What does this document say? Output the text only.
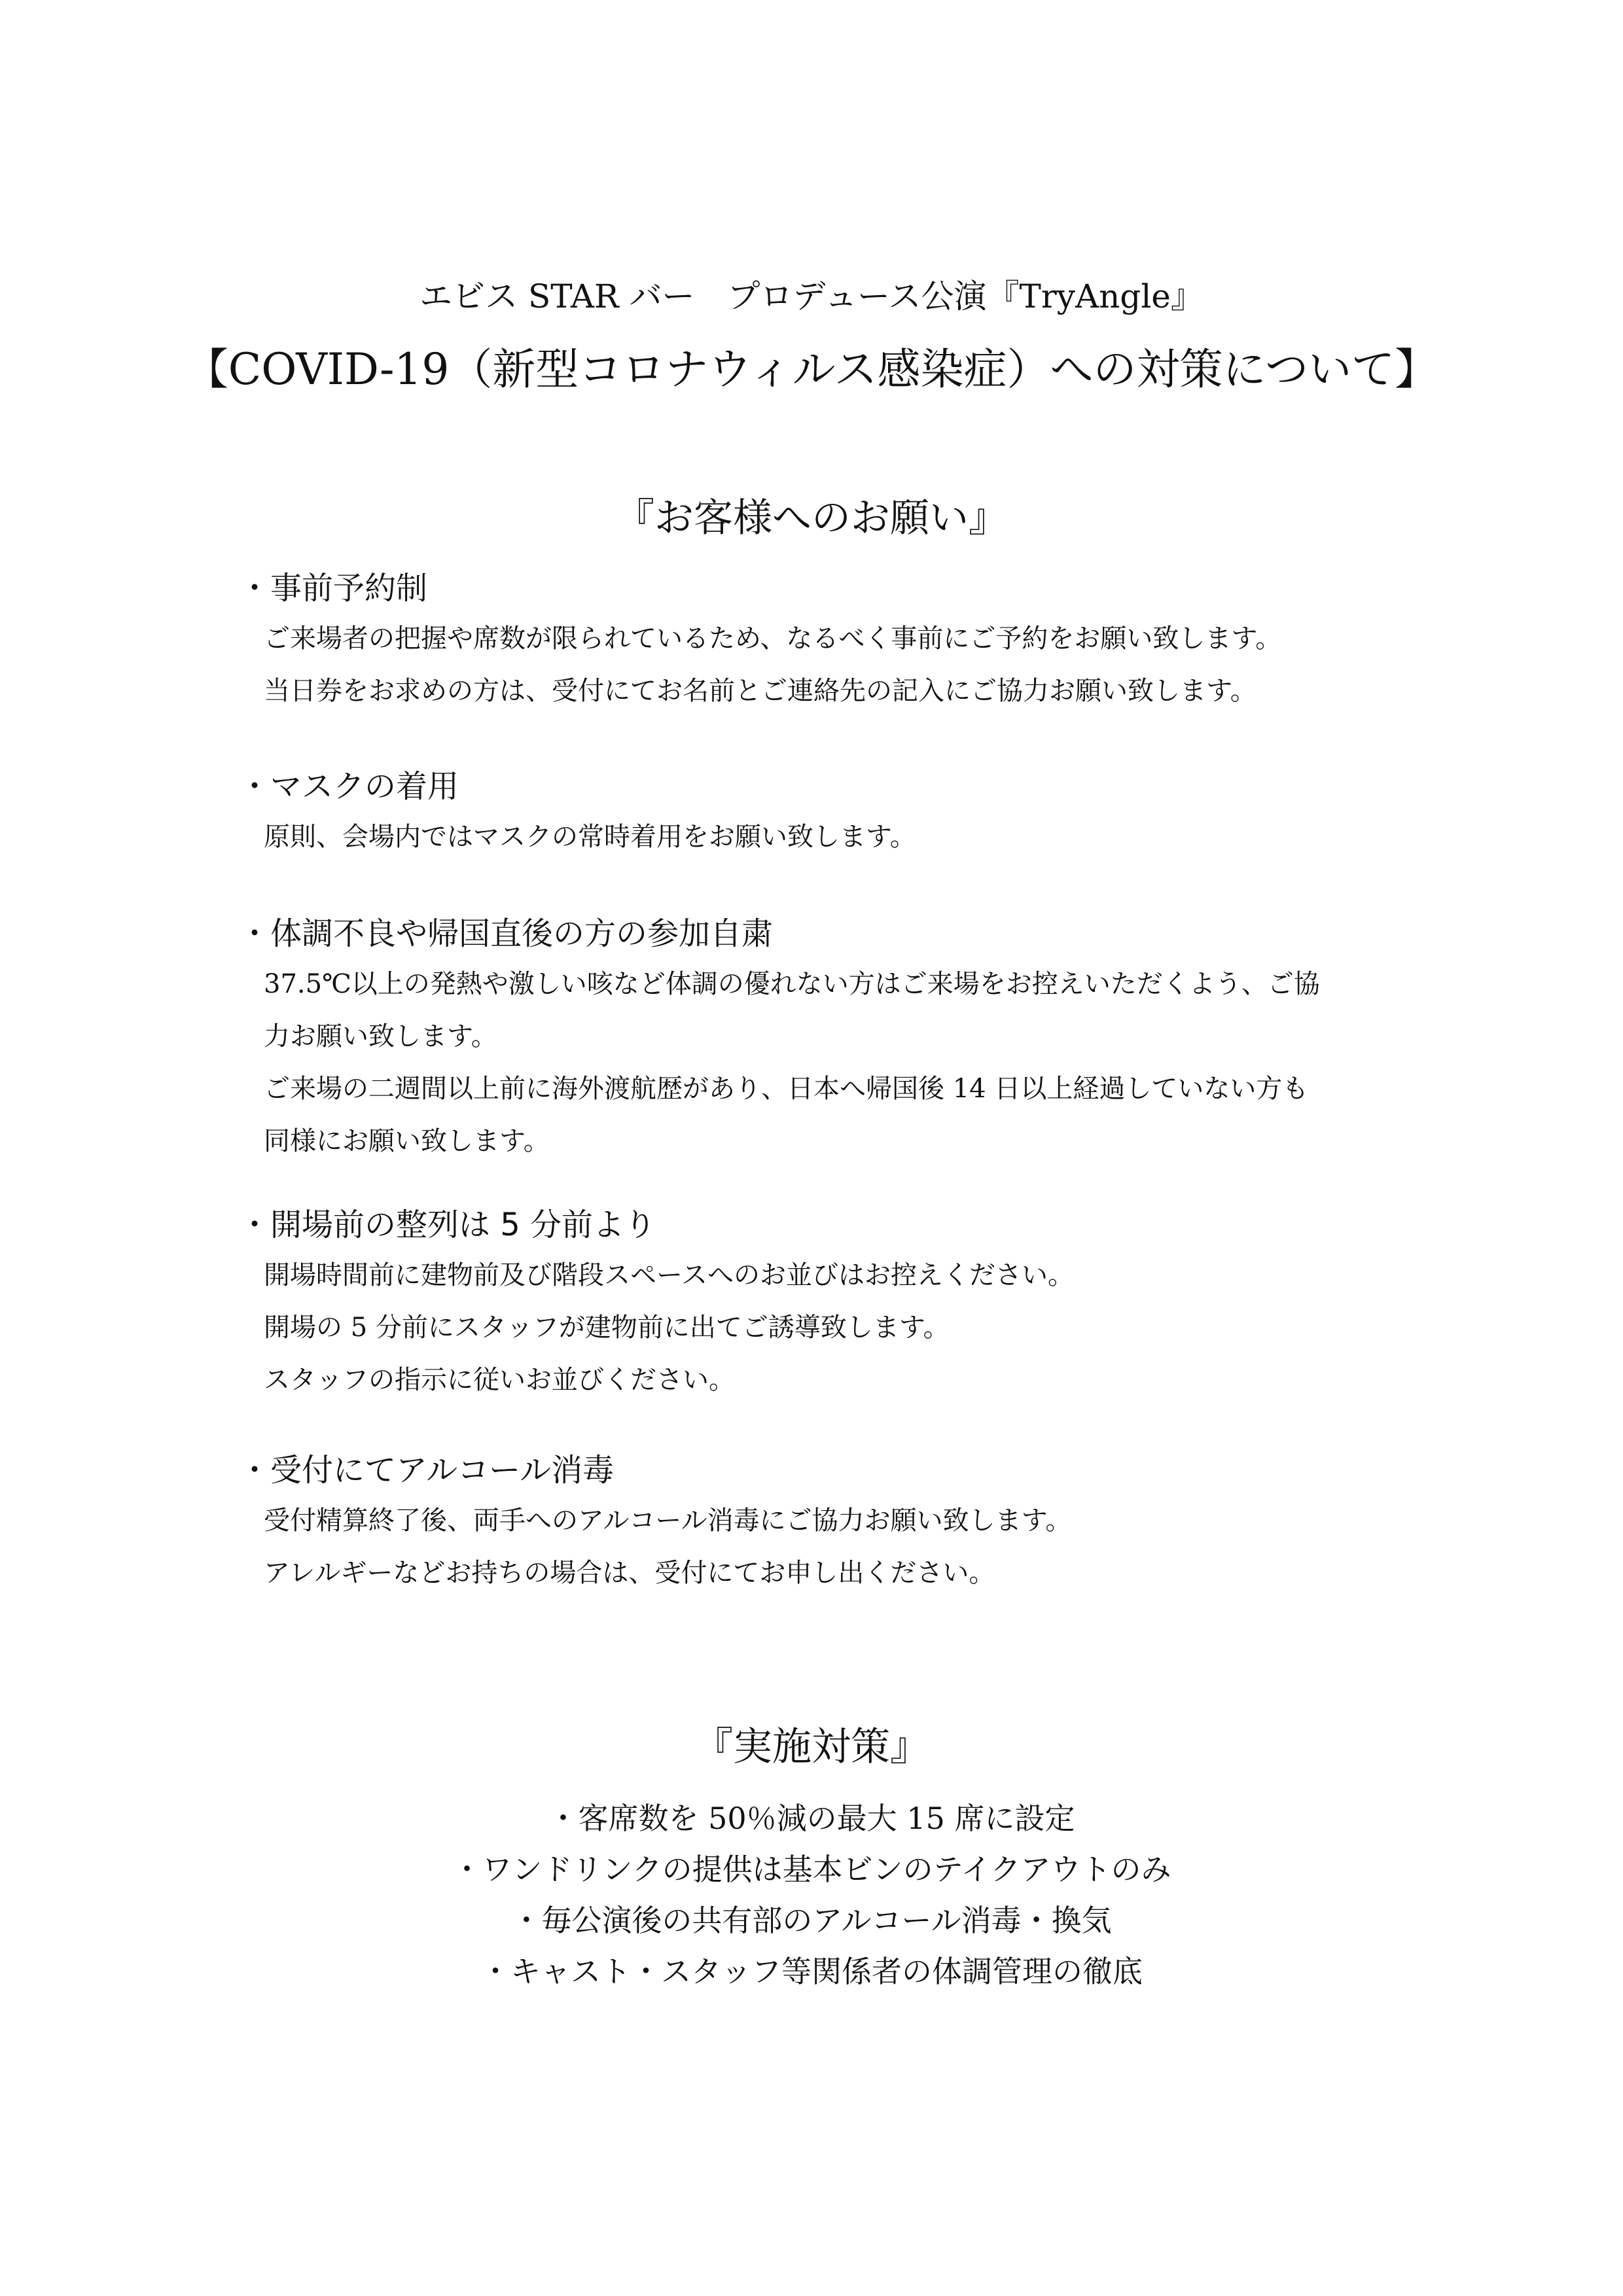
エビス STAR バー　プロデュース公演『TryAngle』
【COVID-19（新型コロナウィルス感染症）への対策について】
『お客様へのお願い』
・事前予約制
ご来場者の把握や席数が限られているため、なるべく事前にご予約をお願い致します。
当日券をお求めの方は、受付にてお名前とご連絡先の記入にご協力お願い致します。
・マスクの着用
原則、会場内ではマスクの常時着用をお願い致します。
・体調不良や帰国直後の方の参加自粛
37.5℃以上の発熱や激しい咳など体調の優れない方はご来場をお控えいただくよう、ご協
力お願い致します。
ご来場の二週間以上前に海外渡航歴があり、日本へ帰国後 14 日以上経過していない方も
同様にお願い致します。
・開場前の整列は 5 分前より
開場時間前に建物前及び階段スペースへのお並びはお控えください。
開場の 5 分前にスタッフが建物前に出てご誘導致します。
スタッフの指示に従いお並びください。
・受付にてアルコール消毒
受付精算終了後、両手へのアルコール消毒にご協力お願い致します。
アレルギーなどお持ちの場合は、受付にてお申し出ください。
『実施対策』
・客席数を 50％減の最大 15 席に設定
・ワンドリンクの提供は基本ビンのテイクアウトのみ
・毎公演後の共有部のアルコール消毒・換気
・キャスト・スタッフ等関係者の体調管理の徹底
